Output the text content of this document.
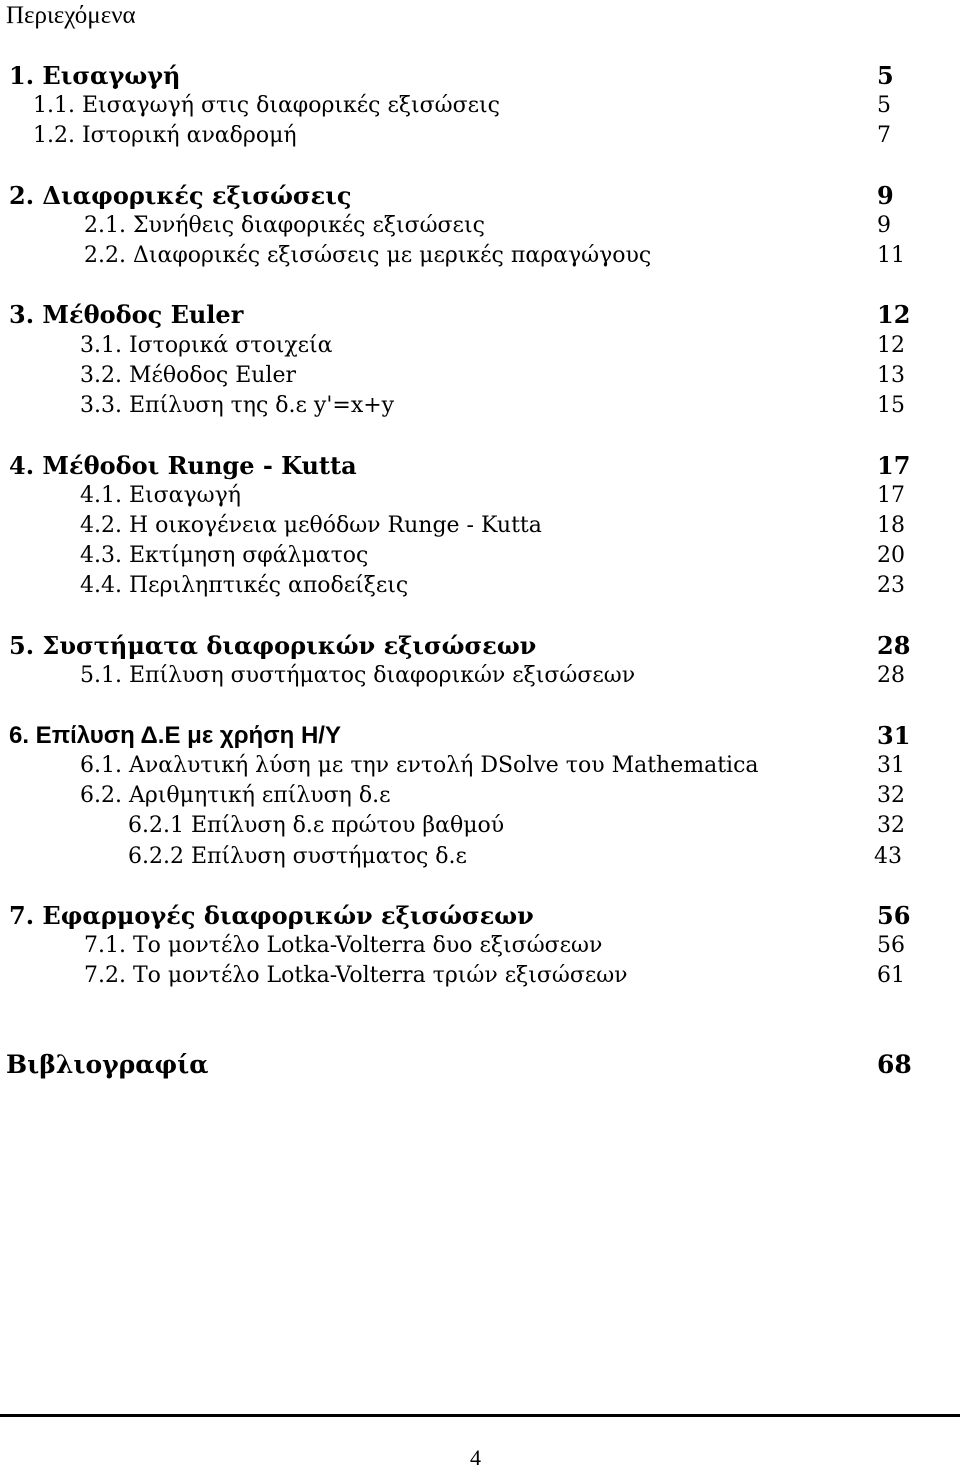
Περιεχόμενα
1. Εισαγωγή	5
1.1. Εισαγωγή στις διαφορικές εξισώσεις	5
1.2. Ιστορική αναδρομή	7
2. Διαφορικές εξισώσεις	9
2.1. Συνήθεις διαφορικές εξισώσεις	9
2.2. Διαφορικές εξισώσεις με μερικές παραγώγους	11
3. Μέθοδος Euler	12
3.1. Ιστορικά στοιχεία	12
3.2. Μέθοδος Euler	13
3.3. Επίλυση της δ.ε y'=x+y	15
4. Μέθοδοι Runge - Kutta	17
4.1. Εισαγωγή	17
4.2. Η οικογένεια μεθόδων Runge - Kutta	18
4.3. Εκτίμηση σφάλματος	20
4.4. Περιληπτικές αποδείξεις	23
5. Συστήματα διαφορικών εξισώσεων	28
5.1. Επίλυση συστήματος διαφορικών εξισώσεων	28
6. Επίλυση Δ.Ε με χρήση Η/Υ	31
6.1. Αναλυτική λύση με την εντολή DSolve του Mathematica	31
6.2. Αριθμητική επίλυση δ.ε	32
6.2.1 Επίλυση δ.ε πρώτου βαθμού	32
6.2.2 Επίλυση συστήματος δ.ε	43
7. Εφαρμογές διαφορικών εξισώσεων	56
7.1. Το μοντέλο Lotka-Volterra δυο εξισώσεων	56
7.2. Το μοντέλο Lotka-Volterra τριών εξισώσεων	61
Βιβλιογραφία	68
4
